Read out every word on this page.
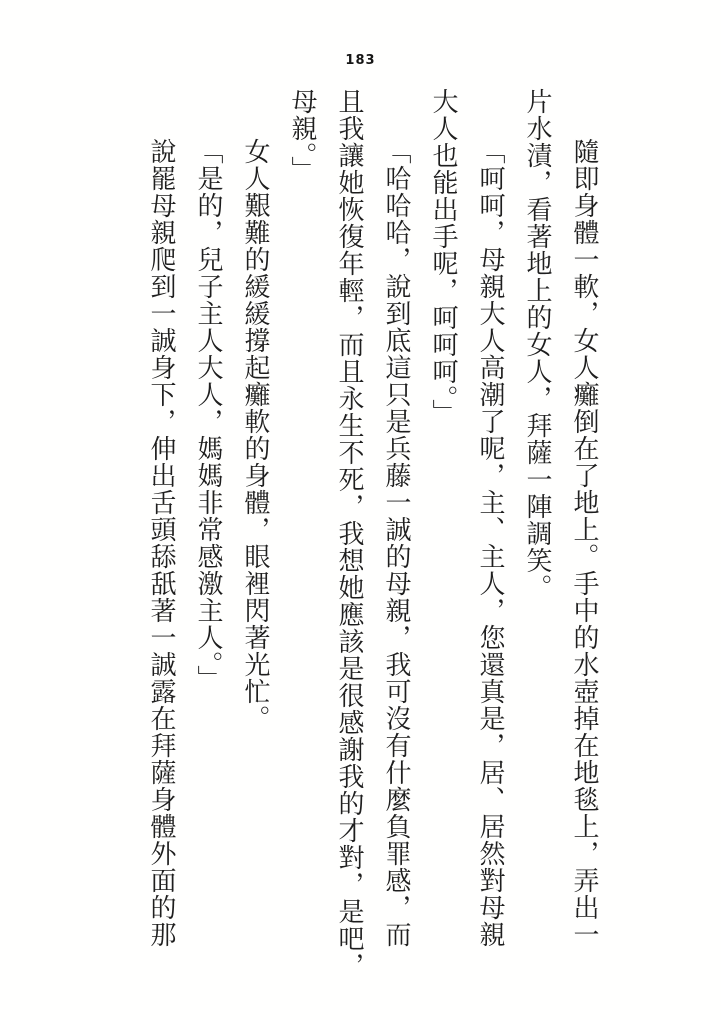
183
隨即身體一軟，女人癱倒在了地上。手中的水壺掉在地毯上，弄出一
片水漬，看著地上的女人，拜薩一陣調笑。
「呵呵，母親大人高潮了呢，主、主人，您還真是，居、居然對母親
大人也能出手呢，呵呵呵。」
「哈哈哈，說到底這只是兵藤一誠的母親，我可沒有什麼負罪感，而
且我讓她恢復年輕，而且永生不死，我想她應該是很感謝我的才對，是吧，
母親。」
女人艱難的緩緩撐起癱軟的身體，眼裡閃著光忙。
「是的，兒子主人大人，媽媽非常感激主人。」
說罷母親爬到一誠身下，伸出舌頭舔舐著一誠露在拜薩身體外面的那
